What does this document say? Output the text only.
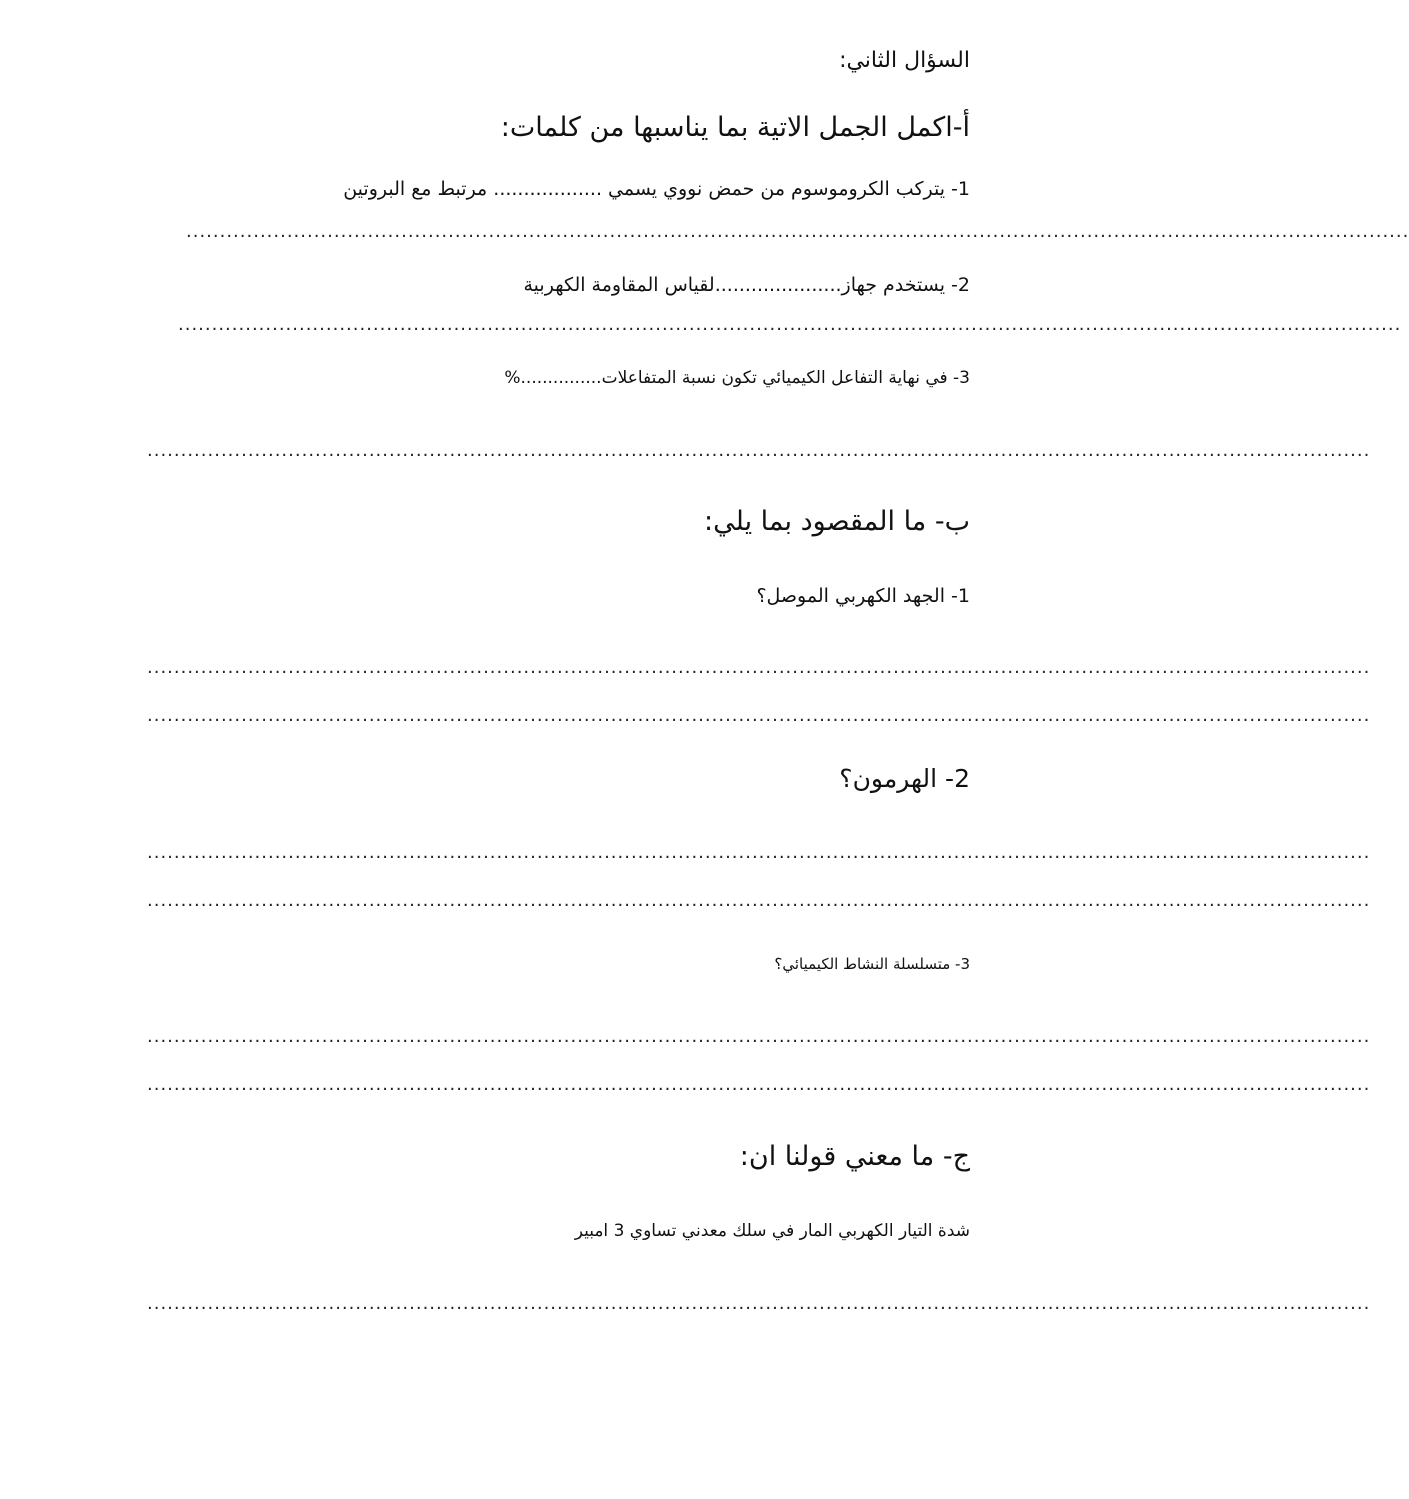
السؤال الثاني:
أ-اكمل الجمل الاتية بما يناسبها من كلمات:
1- يتركب الكروموسوم من حمض نووي يسمي .................. مرتبط مع البروتين
......................................................................................................................................................................................
2- يستخدم جهاز.....................لقياس المقاومة الكهربية
......................................................................................................................................................................................
3- في نهاية التفاعل الكيميائي تكون نسبة المتفاعلات...............%
......................................................................................................................................................................................
ب- ما المقصود بما يلي:
1- الجهد الكهربي الموصل؟
......................................................................................................................................................................................
......................................................................................................................................................................................
2- الهرمون؟
......................................................................................................................................................................................
......................................................................................................................................................................................
3- متسلسلة النشاط الكيميائي؟
......................................................................................................................................................................................
......................................................................................................................................................................................
ج- ما معني قولنا ان:
شدة التيار الكهربي المار في سلك معدني تساوي 3 امبير
......................................................................................................................................................................................
